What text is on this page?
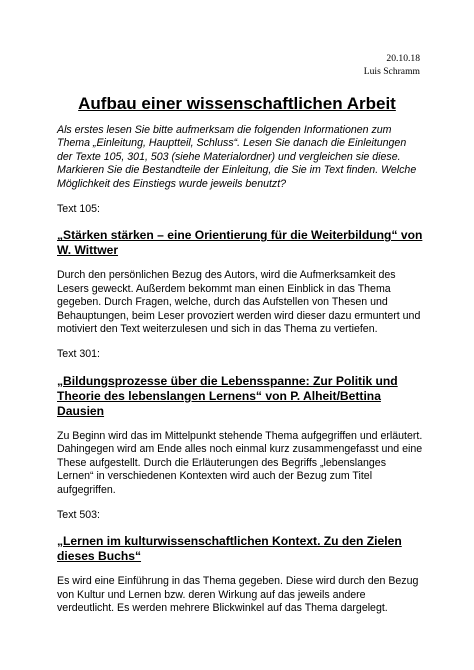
20.10.18
Luis Schramm
Aufbau einer wissenschaftlichen Arbeit

Als erstes lesen Sie bitte aufmerksam die folgenden Informationen zum Thema „Einleitung, Hauptteil, Schluss“. Lesen Sie danach die Einleitungen der Texte 105, 301, 503 (siehe Materialordner) und vergleichen sie diese. Markieren Sie die Bestandteile der Einleitung, die Sie im Text finden. Welche Möglichkeit des Einstiegs wurde jeweils benutzt?

Text 105:

„Stärken stärken – eine Orientierung für die Weiterbildung“ von W. Wittwer

Durch den persönlichen Bezug des Autors, wird die Aufmerksamkeit des Lesers geweckt. Außerdem bekommt man einen Einblick in das Thema gegeben. Durch Fragen, welche, durch das Aufstellen von Thesen und Behauptungen, beim Leser provoziert werden wird dieser dazu ermuntert und motiviert den Text weiterzulesen und sich in das Thema zu vertiefen.

Text 301:

„Bildungsprozesse über die Lebensspanne: Zur Politik und Theorie des lebenslangen Lernens“ von P. Alheit/Bettina Dausien

Zu Beginn wird das im Mittelpunkt stehende Thema aufgegriffen und erläutert. Dahingegen wird am Ende alles noch einmal kurz zusammengefasst und eine These aufgestellt. Durch die Erläuterungen des Begriffs „lebenslanges Lernen“ in verschiedenen Kontexten wird auch der Bezug zum Titel aufgegriffen.

Text 503:

„Lernen im kulturwissenschaftlichen Kontext. Zu den Zielen dieses Buchs“

Es wird eine Einführung in das Thema gegeben. Diese wird durch den Bezug von Kultur und Lernen bzw. deren Wirkung auf das jeweils andere verdeutlicht. Es werden mehrere Blickwinkel auf das Thema dargelegt.
